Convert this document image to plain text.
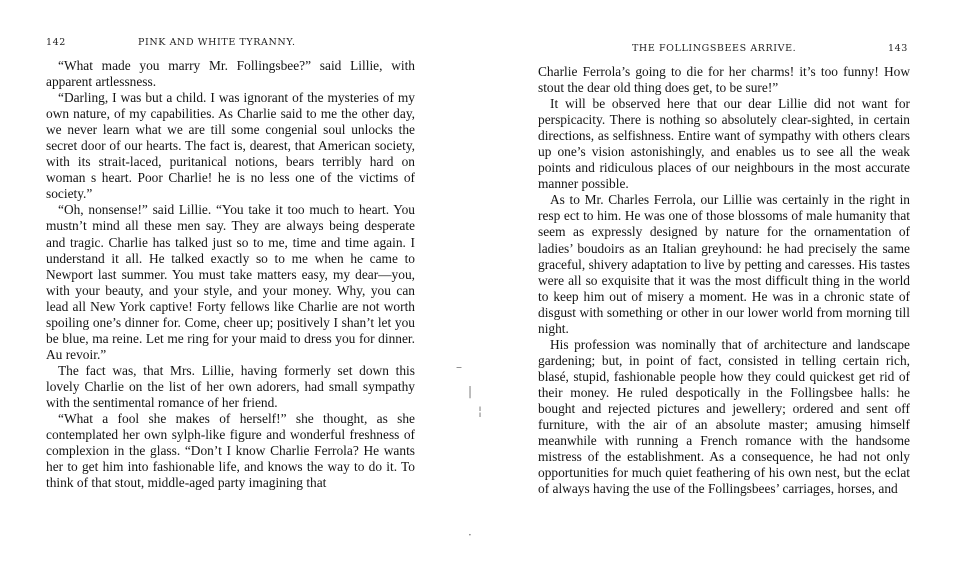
142	PINK AND WHITE TYRANNY.

“What made you marry Mr. Follingsbee?” said Lillie, with apparent artlessness.

“Darling, I was but a child. I was ignorant of the mysteries of my own nature, of my capabilities. As Charlie said to me the other day, we never learn what we are till some congenial soul unlocks the secret door of our hearts. The fact is, dearest, that American society, with its strait-laced, puritanical notions, bears terribly hard on woman s heart. Poor Charlie! he is no less one of the victims of society.”

“Oh, nonsense!” said Lillie. “You take it too much to heart. You mustn’t mind all these men say. They are always being desperate and tragic. Charlie has talked just so to me, time and time again. I understand it all. He talked exactly so to me when he came to Newport last summer. You must take matters easy, my dear—you, with your beauty, and your style, and your money. Why, you can lead all New York captive! Forty fellows like Charlie are not worth spoiling one’s dinner for. Come, cheer up; positively I shan’t let you be blue, ma reine. Let me ring for your maid to dress you for dinner. Au revoir.”

The fact was, that Mrs. Lillie, having formerly set down this lovely Charlie on the list of her own adorers, had small sympathy with the sentimental romance of her friend.

“What a fool she makes of herself!” she thought, as she contemplated her own sylph-like figure and wonderful freshness of complexion in the glass. “Don’t I know Charlie Ferrola? He wants her to get him into fashionable life, and knows the way to do it. To think of that stout, middle-aged party imagining that

–
|
¦
·
THE FOLLINGSBEES ARRIVE.	143

Charlie Ferrola’s going to die for her charms! it’s too funny! How stout the dear old thing does get, to be sure!”

It will be observed here that our dear Lillie did not want for perspicacity. There is nothing so absolutely clear-sighted, in certain directions, as selfishness. Entire want of sympathy with others clears up one’s vision astonishingly, and enables us to see all the weak points and ridiculous places of our neighbours in the most accurate manner possible.

As to Mr. Charles Ferrola, our Lillie was certainly in the right in resp ect to him. He was one of those blossoms of male humanity that seem as expressly designed by nature for the ornamentation of ladies’ boudoirs as an Italian greyhound: he had precisely the same graceful, shivery adaptation to live by petting and caresses. His tastes were all so exquisite that it was the most difficult thing in the world to keep him out of misery a moment. He was in a chronic state of disgust with something or other in our lower world from morning till night.

His profession was nominally that of architecture and landscape gardening; but, in point of fact, consisted in telling certain rich, blasé, stupid, fashionable people how they could quickest get rid of their money. He ruled despotically in the Follingsbee halls: he bought and rejected pictures and jewellery; ordered and sent off furniture, with the air of an absolute master; amusing himself meanwhile with running a French romance with the handsome mistress of the establishment. As a consequence, he had not only opportunities for much quiet feathering of his own nest, but the eclat of always having the use of the Follingsbees’ carriages, horses, and
